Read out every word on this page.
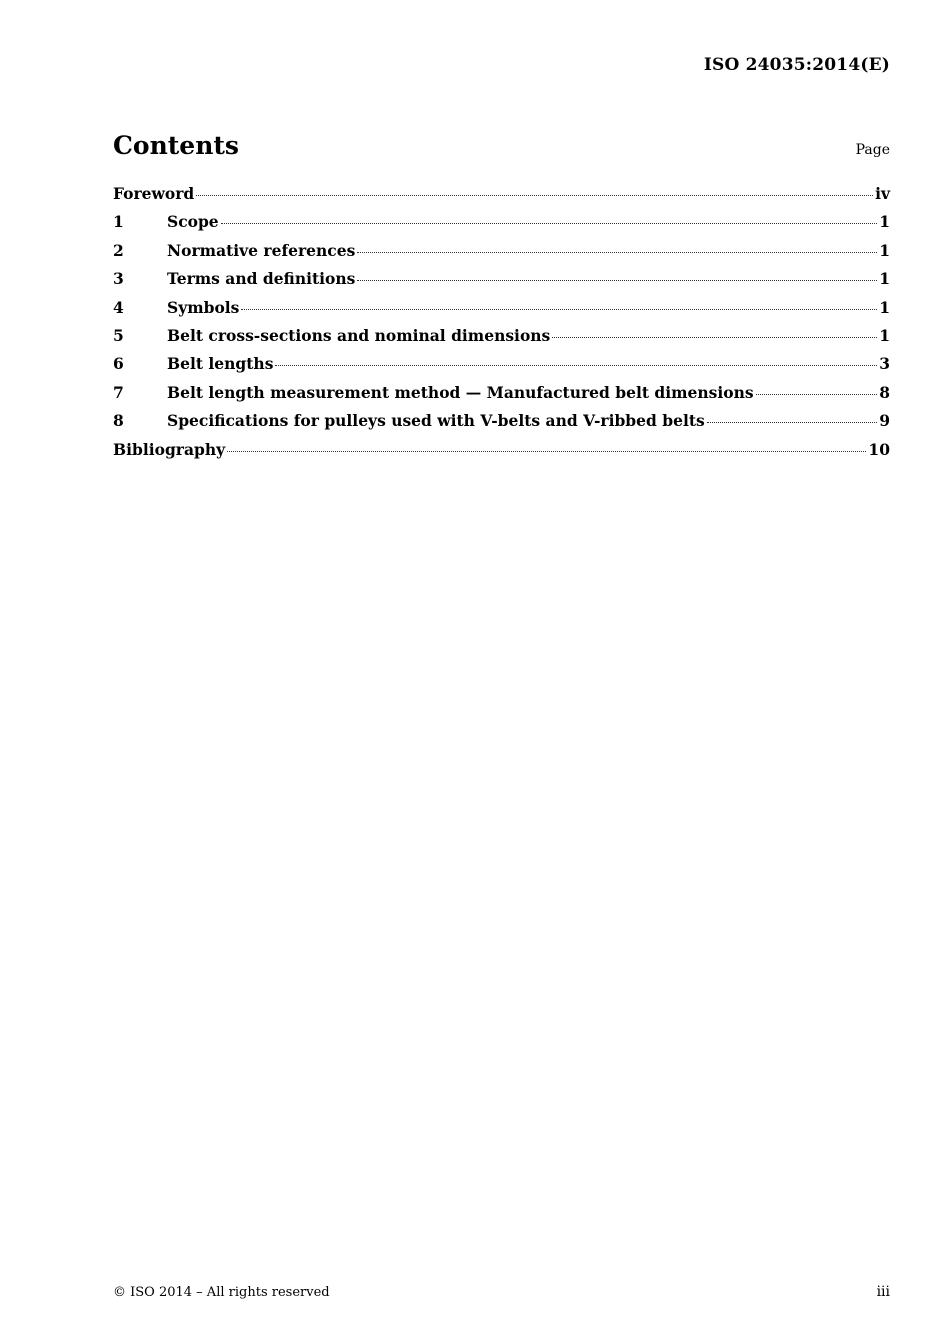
ISO 24035:2014(E)
Contents	Page
Foreword	iv
1	Scope	1
2	Normative references	1
3	Terms and definitions	1
4	Symbols	1
5	Belt cross-sections and nominal dimensions	1
6	Belt lengths	3
7	Belt length measurement method — Manufactured belt dimensions	8
8	Specifications for pulleys used with V-belts and V-ribbed belts	9
Bibliography	10
© ISO 2014 – All rights reserved	iii
